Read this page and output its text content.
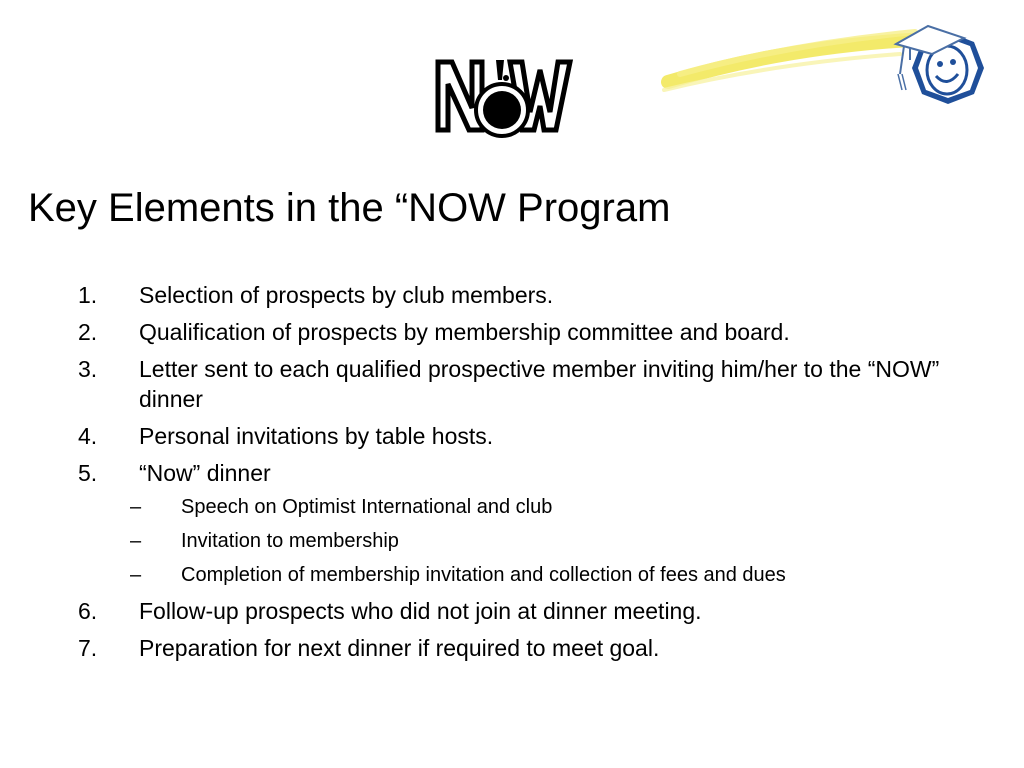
Key Elements in the “NOW Program
1. Selection of prospects by club members.
2. Qualification of prospects by membership committee and board.
3. Letter sent to each qualified prospective member inviting him/her to the “NOW” dinner
4. Personal invitations by table hosts.
5. “Now” dinner
– Speech on Optimist International and club
– Invitation to membership
– Completion of membership invitation and collection of fees and dues
6. Follow-up prospects who did not join at dinner meeting.
7. Preparation for next dinner if required to meet goal.
